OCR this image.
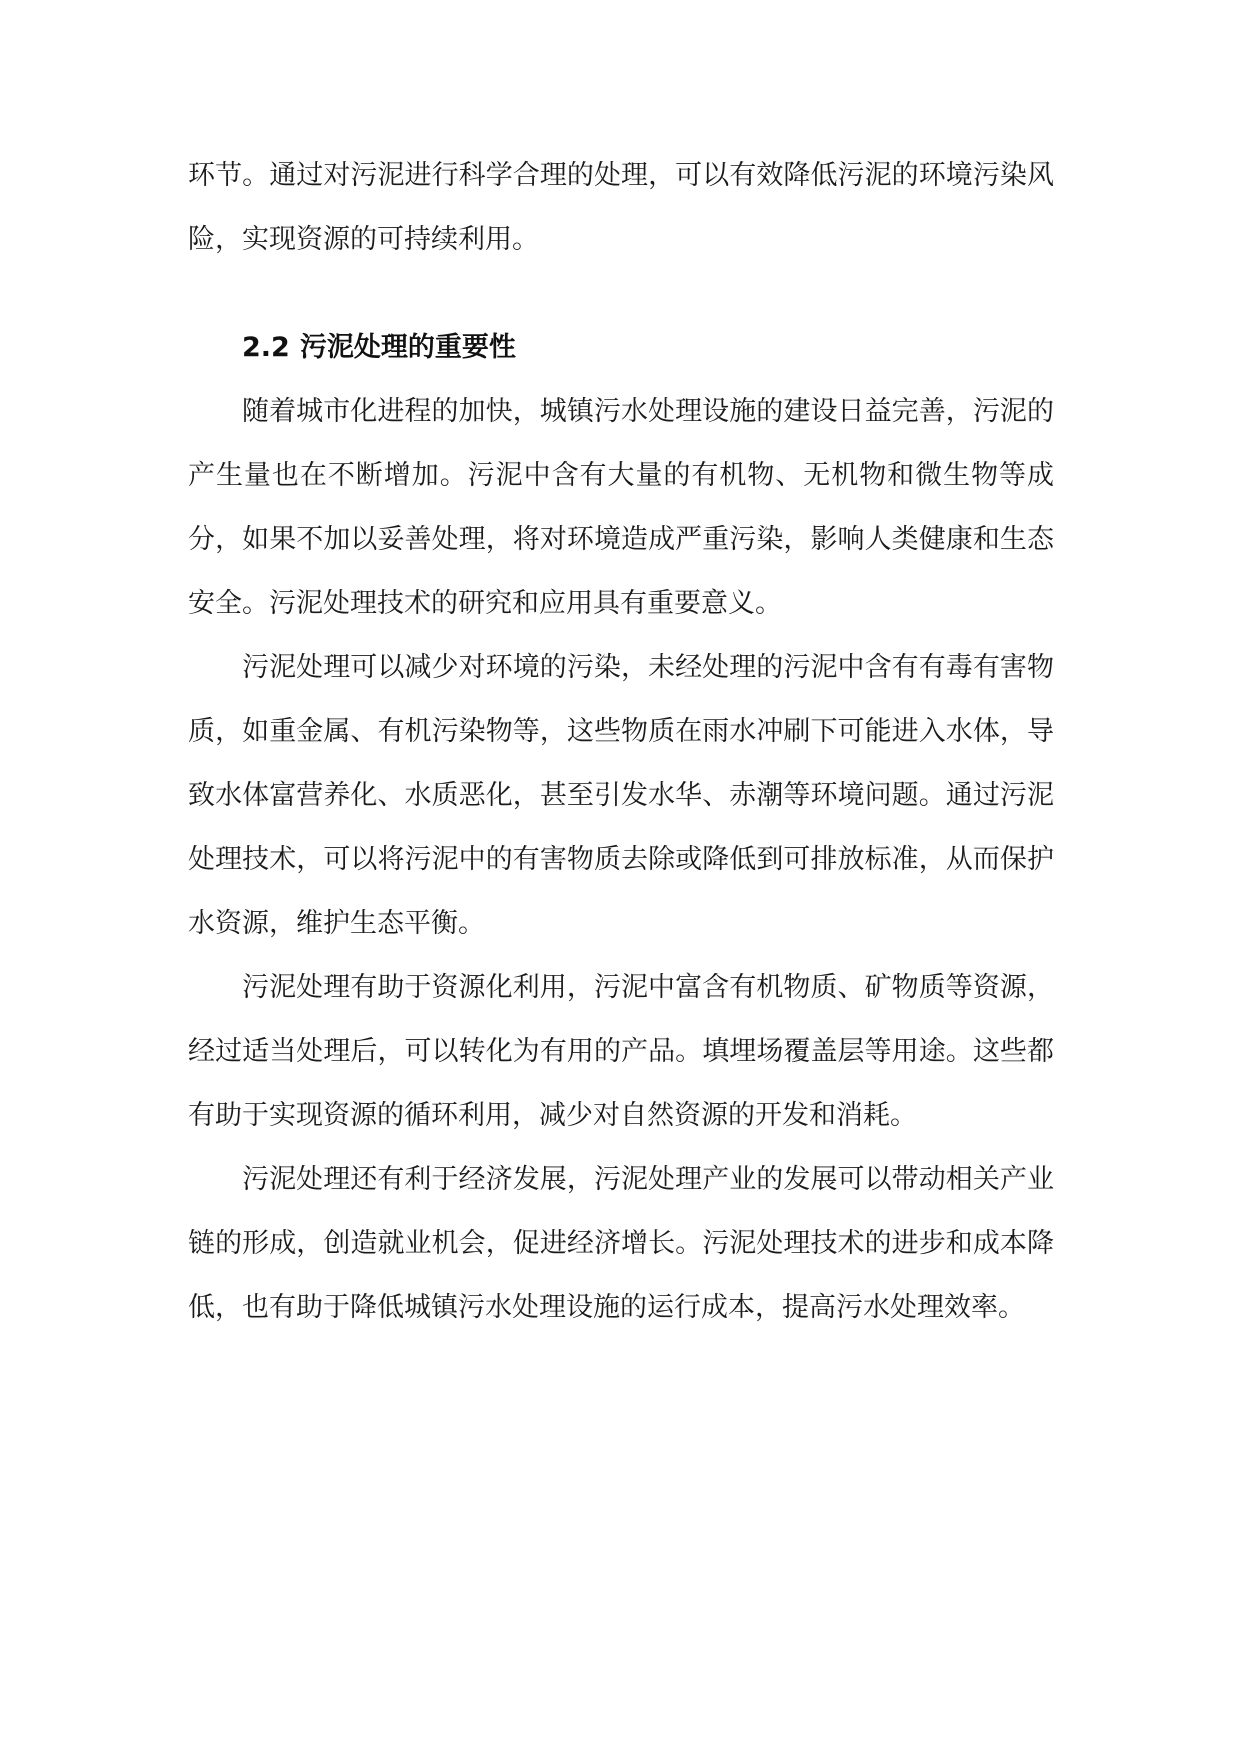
环节。通过对污泥进行科学合理的处理，可以有效降低污泥的环境污染风险，实现资源的可持续利用。

2.2 污泥处理的重要性

随着城市化进程的加快，城镇污水处理设施的建设日益完善，污泥的产生量也在不断增加。污泥中含有大量的有机物、无机物和微生物等成分，如果不加以妥善处理，将对环境造成严重污染，影响人类健康和生态安全。污泥处理技术的研究和应用具有重要意义。

污泥处理可以减少对环境的污染，未经处理的污泥中含有有毒有害物质，如重金属、有机污染物等，这些物质在雨水冲刷下可能进入水体，导致水体富营养化、水质恶化，甚至引发水华、赤潮等环境问题。通过污泥处理技术，可以将污泥中的有害物质去除或降低到可排放标准，从而保护水资源，维护生态平衡。

污泥处理有助于资源化利用，污泥中富含有机物质、矿物质等资源，经过适当处理后，可以转化为有用的产品。填埋场覆盖层等用途。这些都有助于实现资源的循环利用，减少对自然资源的开发和消耗。

污泥处理还有利于经济发展，污泥处理产业的发展可以带动相关产业链的形成，创造就业机会，促进经济增长。污泥处理技术的进步和成本降低，也有助于降低城镇污水处理设施的运行成本，提高污水处理效率。
